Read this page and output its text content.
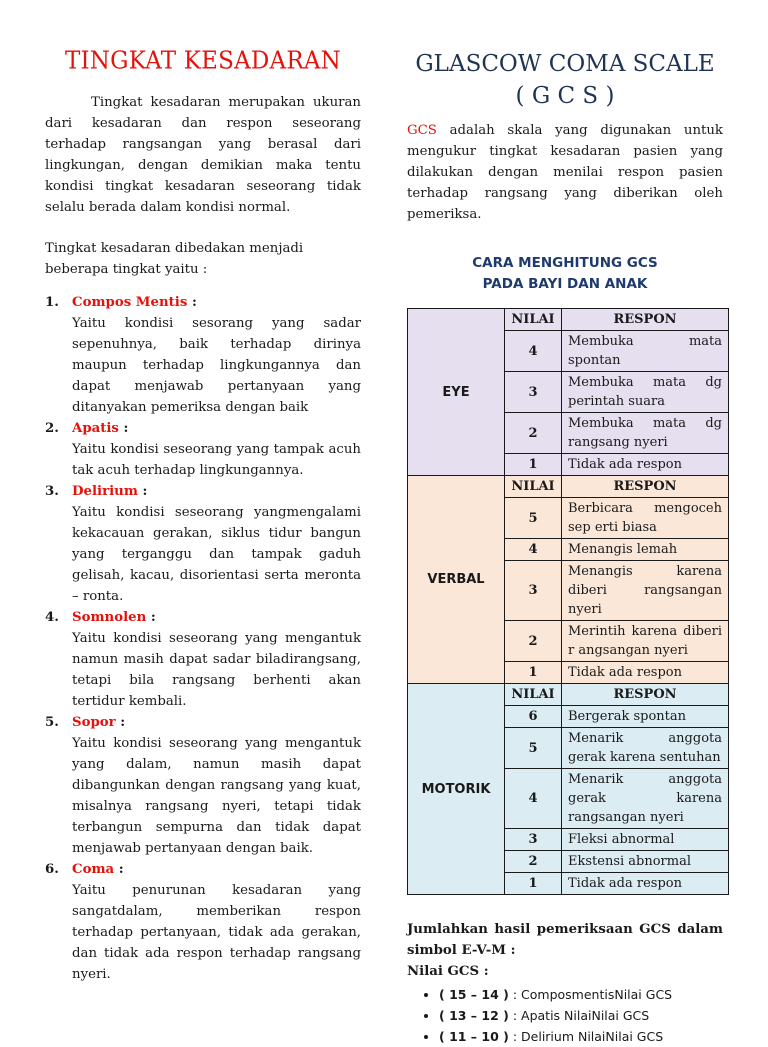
TINGKAT KESADARAN

Tingkat kesadaran merupakan ukuran dari kesadaran dan respon seseorang terhadap rangsangan yang berasal dari lingkungan, dengan demikian maka tentu kondisi tingkat kesadaran seseorang tidak selalu berada dalam kondisi normal.

Tingkat kesadaran dibedakan menjadi beberapa tingkat yaitu :

1. Compos Mentis :

Yaitu kondisi sesorang yang sadar sepenuhnya, baik terhadap dirinya maupun terhadap lingkungannya dan dapat menjawab pertanyaan yang ditanyakan pemeriksa dengan baik

2. Apatis :

Yaitu kondisi seseorang yang tampak acuh tak acuh terhadap lingkungannya.

3. Delirium :

Yaitu kondisi seseorang yangmengalami kekacauan gerakan, siklus tidur bangun yang terganggu dan tampak gaduh gelisah, kacau, disorientasi serta meronta – ronta.

4. Somnolen :

Yaitu kondisi seseorang yang mengantuk namun masih dapat sadar biladirangsang, tetapi bila rangsang berhenti akan tertidur kembali.

5. Sopor :

Yaitu kondisi seseorang yang mengantuk yang dalam, namun masih dapat dibangunkan dengan rangsang yang kuat, misalnya rangsang nyeri, tetapi tidak terbangun sempurna dan tidak dapat menjawab pertanyaan dengan baik.

6. Coma :

Yaitu penurunan kesadaran yang sangatdalam, memberikan respon terhadap pertanyaan, tidak ada gerakan, dan tidak ada respon terhadap rangsang nyeri.

GLASCOW COMA SCALE
( G C S )

GCS adalah skala yang digunakan untuk mengukur tingkat kesadaran pasien yang dilakukan dengan menilai respon pasien terhadap rangsang yang diberikan oleh pemeriksa.

CARA MENGHITUNG GCS

PADA BAYI DAN ANAK

EYE	NILAI	RESPON
	4	Membuka mata spontan
	3	Membuka mata dg perintah suara
	2	Membuka mata dg rangsang nyeri
	1	Tidak ada respon
VERBAL	NILAI	RESPON
	5	Berbicara mengoceh sep erti biasa
	4	Menangis lemah
	3	Menangis karena diberi rangsangan nyeri
	2	Merintih karena diberi r angsangan nyeri
	1	Tidak ada respon
MOTORIK	NILAI	RESPON
	6	Bergerak spontan
	5	Menarik anggota gerak karena sentuhan
	4	Menarik anggota gerak karena rangsangan nyeri
	3	Fleksi abnormal
	2	Ekstensi abnormal
	1	Tidak ada respon

Jumlahkan hasil pemeriksaan GCS dalam simbol E-V-M :

Nilai GCS :

• ( 15 – 14 ) : ComposmentisNilai GCS
• ( 13 – 12 ) : Apatis NilaiNilai GCS
• ( 11 – 10 ) : Delirium NilaiNilai GCS
